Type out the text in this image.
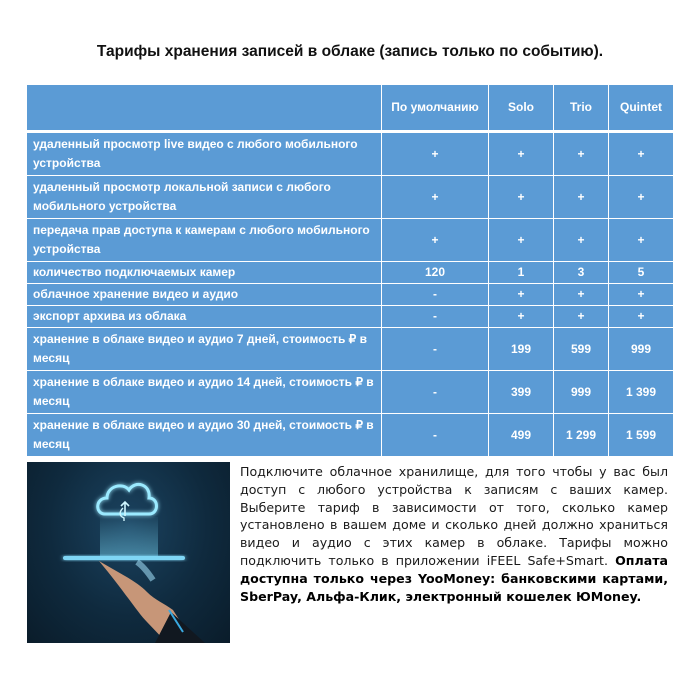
Тарифы хранения записей в облаке (запись только по событию).
	По умолчанию	Solo	Trio	Quintet
удаленный просмотр live видео с любого мобильного устройства	+	+	+	+
удаленный просмотр локальной записи с любого мобильного устройства	+	+	+	+
передача прав доступа к камерам с любого мобильного устройства	+	+	+	+
количество подключаемых камер	120	1	3	5
облачное хранение видео и аудио	-	+	+	+
экспорт архива из облака	-	+	+	+
хранение в облаке видео и аудио 7 дней, стоимость ₽ в месяц	-	199	599	999
хранение в облаке видео и аудио 14 дней, стоимость ₽ в месяц	-	399	999	1 399
хранение в облаке видео и аудио 30 дней, стоимость ₽ в месяц	-	499	1 299	1 599
Подключите облачное хранилище, для того чтобы у вас был доступ с любого устройства к записям с ваших камер. Выберите тариф в зависимости от того, сколько камер установлено в вашем доме и сколько дней должно храниться видео и аудио с этих камер в облаке. Тарифы можно подключить только в приложении iFEEL Safe+Smart. Оплата доступна только через YooMoney: банковскими картами, SberPay, Альфа-Клик, электронный кошелек ЮMoney.
